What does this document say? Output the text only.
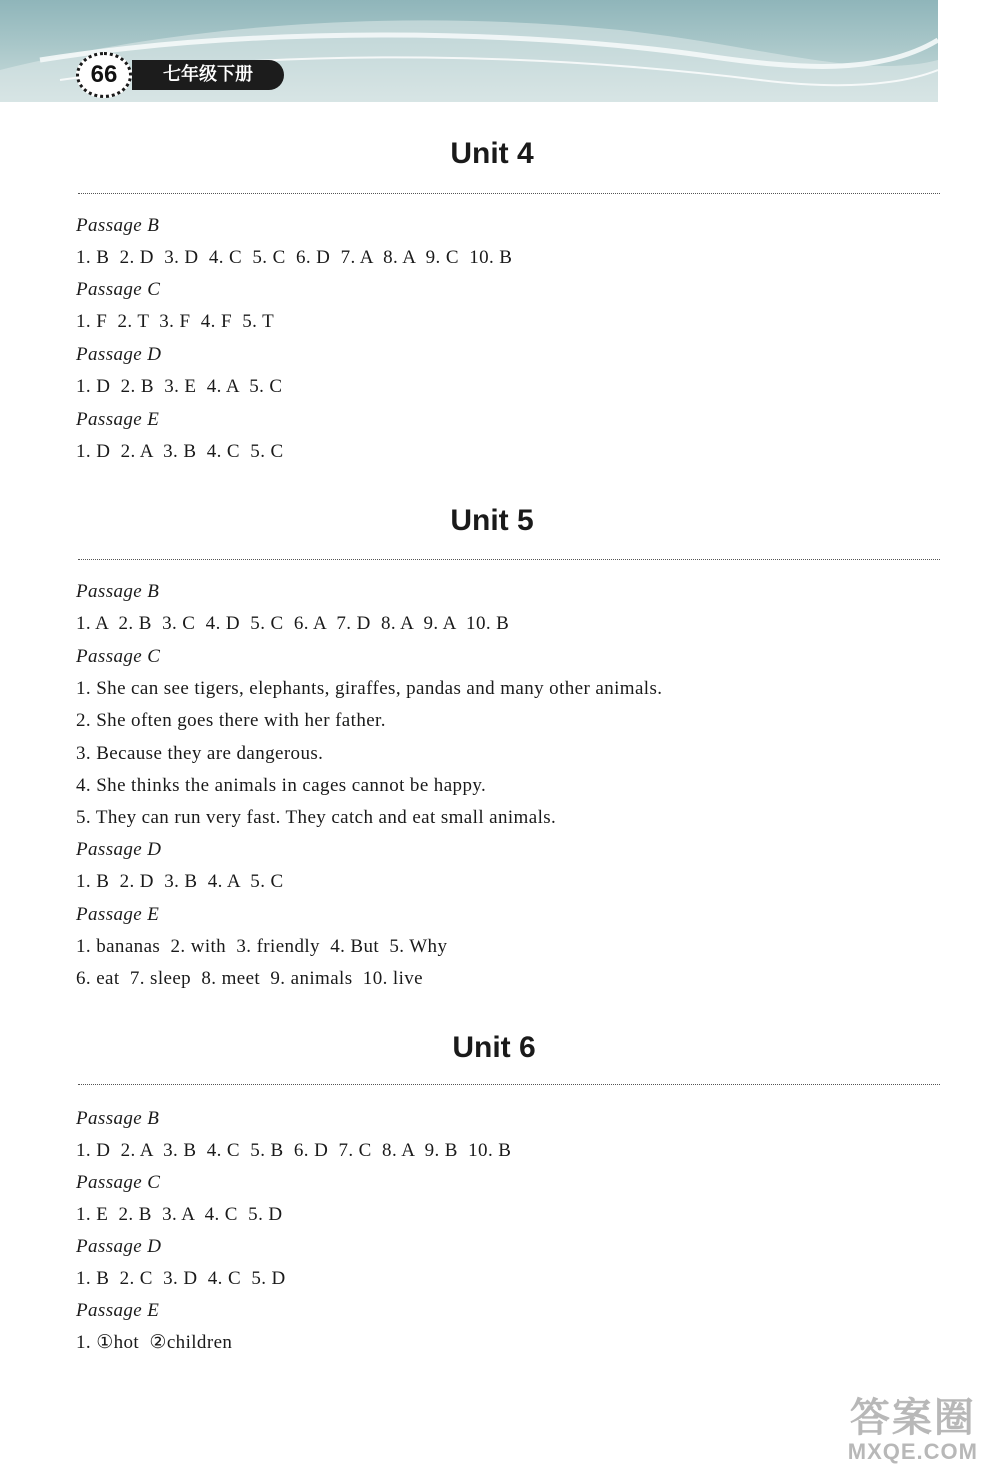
66	七年级下册
Unit 4
Passage B
1. B  2. D  3. D  4. C  5. C  6. D  7. A  8. A  9. C  10. B
Passage C
1. F  2. T  3. F  4. F  5. T
Passage D
1. D  2. B  3. E  4. A  5. C
Passage E
1. D  2. A  3. B  4. C  5. C
Unit 5
Passage B
1. A  2. B  3. C  4. D  5. C  6. A  7. D  8. A  9. A  10. B
Passage C
1. She can see tigers, elephants, giraffes, pandas and many other animals.
2. She often goes there with her father.
3. Because they are dangerous.
4. She thinks the animals in cages cannot be happy.
5. They can run very fast. They catch and eat small animals.
Passage D
1. B  2. D  3. B  4. A  5. C
Passage E
1. bananas  2. with  3. friendly  4. But  5. Why
6. eat  7. sleep  8. meet  9. animals  10. live
Unit 6
Passage B
1. D  2. A  3. B  4. C  5. B  6. D  7. C  8. A  9. B  10. B
Passage C
1. E  2. B  3. A  4. C  5. D
Passage D
1. B  2. C  3. D  4. C  5. D
Passage E
1. ①hot  ②children
答案圈
MXQE.COM
